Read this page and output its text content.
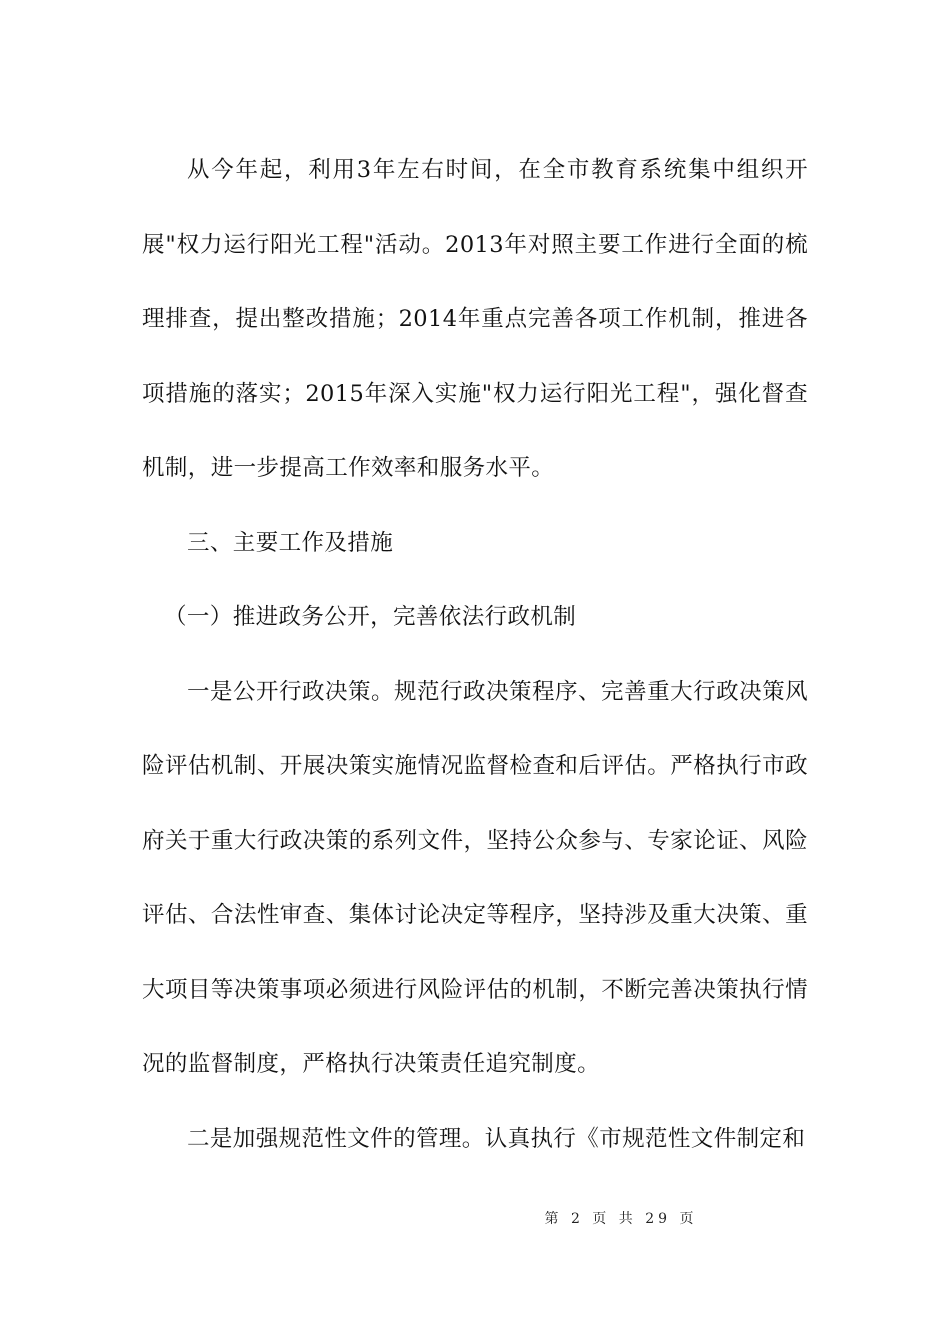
从今年起，利用3年左右时间，在全市教育系统集中组织开展"权力运行阳光工程"活动。2013年对照主要工作进行全面的梳理排查，提出整改措施；2014年重点完善各项工作机制，推进各项措施的落实；2015年深入实施"权力运行阳光工程"，强化督查机制，进一步提高工作效率和服务水平。

三、主要工作及措施

（一）推进政务公开，完善依法行政机制

一是公开行政决策。规范行政决策程序、完善重大行政决策风险评估机制、开展决策实施情况监督检查和后评估。严格执行市政府关于重大行政决策的系列文件，坚持公众参与、专家论证、风险评估、合法性审查、集体讨论决定等程序，坚持涉及重大决策、重大项目等决策事项必须进行风险评估的机制，不断完善决策执行情况的监督制度，严格执行决策责任追究制度。

二是加强规范性文件的管理。认真执行《市规范性文件制定和

第 2 页 共 29 页
